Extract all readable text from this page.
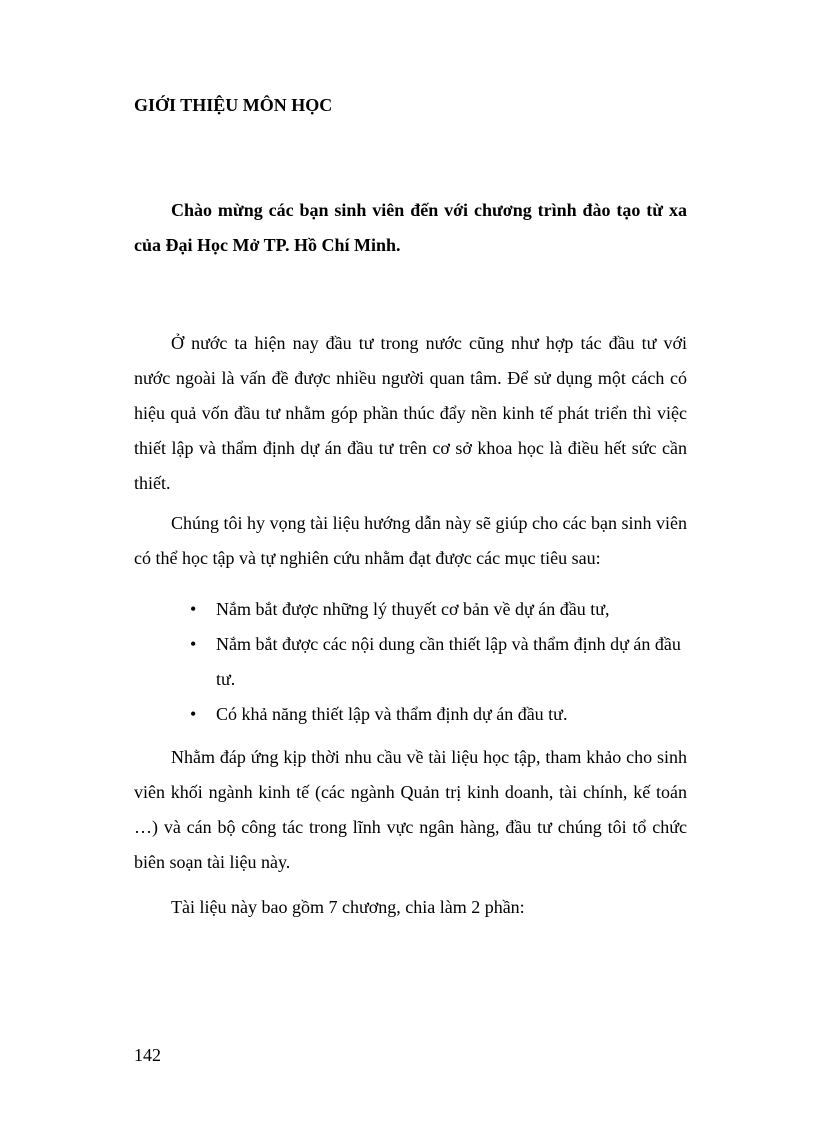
GIỚI THIỆU MÔN HỌC

Chào mừng các bạn sinh viên đến với chương trình đào tạo từ xa của Đại Học Mở TP. Hồ Chí Minh.

Ở nước ta hiện nay đầu tư trong nước cũng như hợp tác đầu tư với nước ngoài là vấn đề được nhiều người quan tâm. Để sử dụng một cách có hiệu quả vốn đầu tư nhằm góp phần thúc đẩy nền kinh tế phát triển thì việc thiết lập và thẩm định dự án đầu tư trên cơ sở khoa học là điều hết sức cần thiết.

Chúng tôi hy vọng tài liệu hướng dẫn này sẽ giúp cho các bạn sinh viên có thể học tập và tự nghiên cứu nhằm đạt được các mục tiêu sau:

• Nắm bắt được những lý thuyết cơ bản về dự án đầu tư,
• Nắm bắt được các nội dung cần thiết lập và thẩm định dự án đầu tư.
• Có khả năng thiết lập và thẩm định dự án đầu tư.

Nhằm đáp ứng kịp thời nhu cầu về tài liệu học tập, tham khảo cho sinh viên khối ngành kinh tế (các ngành Quản trị kinh doanh, tài chính, kế toán …) và cán bộ công tác trong lĩnh vực ngân hàng, đầu tư chúng tôi tổ chức biên soạn tài liệu này.

Tài liệu này bao gồm 7 chương, chia làm 2 phần:

142
